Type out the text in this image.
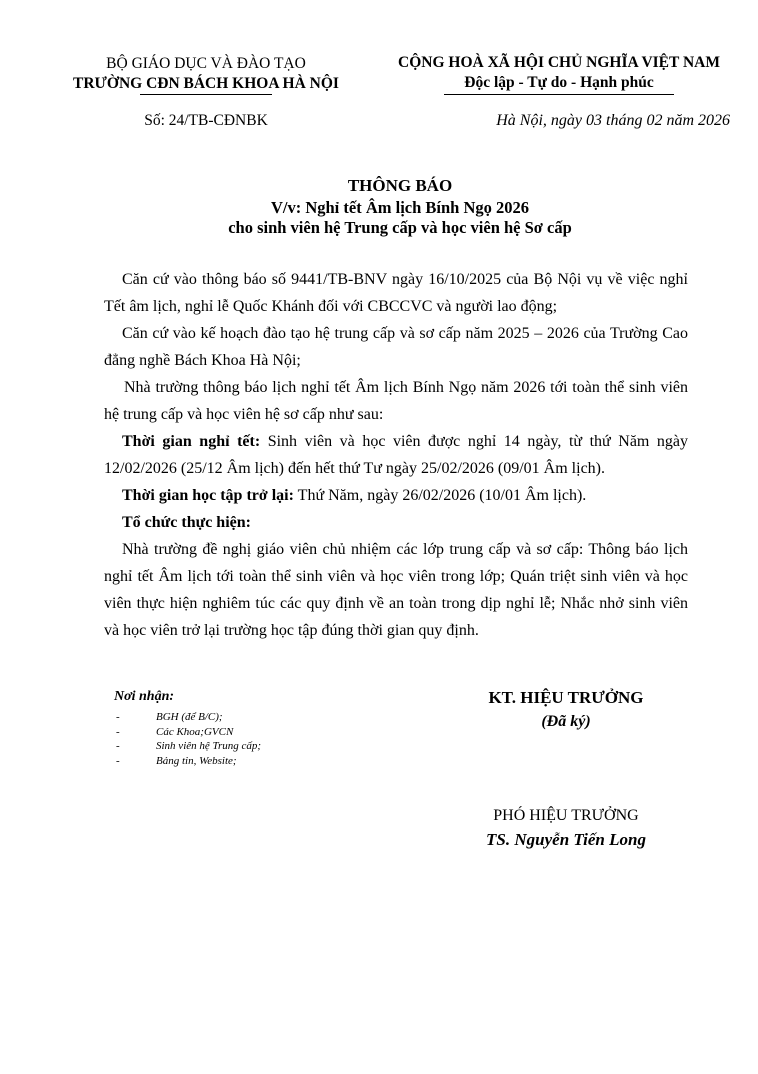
BỘ GIÁO DỤC VÀ ĐÀO TẠO
TRƯỜNG CĐN BÁCH KHOA HÀ NỘI
Số: 24/TB-CĐNBK
CỘNG HOÀ XÃ HỘI CHỦ NGHĨA VIỆT NAM
Độc lập - Tự do - Hạnh phúc
Hà Nội, ngày 03 tháng 02 năm 2026
THÔNG BÁO
V/v: Nghỉ tết Âm lịch Bính Ngọ 2026
cho sinh viên hệ Trung cấp và học viên hệ Sơ cấp

Căn cứ vào thông báo số 9441/TB-BNV ngày 16/10/2025 của Bộ Nội vụ về việc nghỉ Tết âm lịch, nghỉ lễ Quốc Khánh đối với CBCCVC và người lao động;

Căn cứ vào kế hoạch đào tạo hệ trung cấp và sơ cấp năm 2025 – 2026 của Trường Cao đẳng nghề Bách Khoa Hà Nội;

Nhà trường thông báo lịch nghỉ tết Âm lịch Bính Ngọ năm 2026 tới toàn thể sinh viên hệ trung cấp và học viên hệ sơ cấp như sau:

Thời gian nghỉ tết: Sinh viên và học viên được nghỉ 14 ngày, từ thứ Năm ngày 12/02/2026 (25/12 Âm lịch) đến hết thứ Tư ngày 25/02/2026 (09/01 Âm lịch).

Thời gian học tập trở lại: Thứ Năm, ngày 26/02/2026 (10/01 Âm lịch).

Tổ chức thực hiện:

Nhà trường đề nghị giáo viên chủ nhiệm các lớp trung cấp và sơ cấp: Thông báo lịch nghỉ tết Âm lịch tới toàn thể sinh viên và học viên trong lớp; Quán triệt sinh viên và học viên thực hiện nghiêm túc các quy định về an toàn trong dịp nghỉ lễ; Nhắc nhở sinh viên và học viên trở lại trường học tập đúng thời gian quy định.

Nơi nhận:
-	BGH (để B/C);
-	Các Khoa;GVCN
-	Sinh viên hệ Trung cấp;
-	Bảng tin, Website;
KT. HIỆU TRƯỞNG
(Đã ký)
PHÓ HIỆU TRƯỞNG
TS. Nguyễn Tiến Long
